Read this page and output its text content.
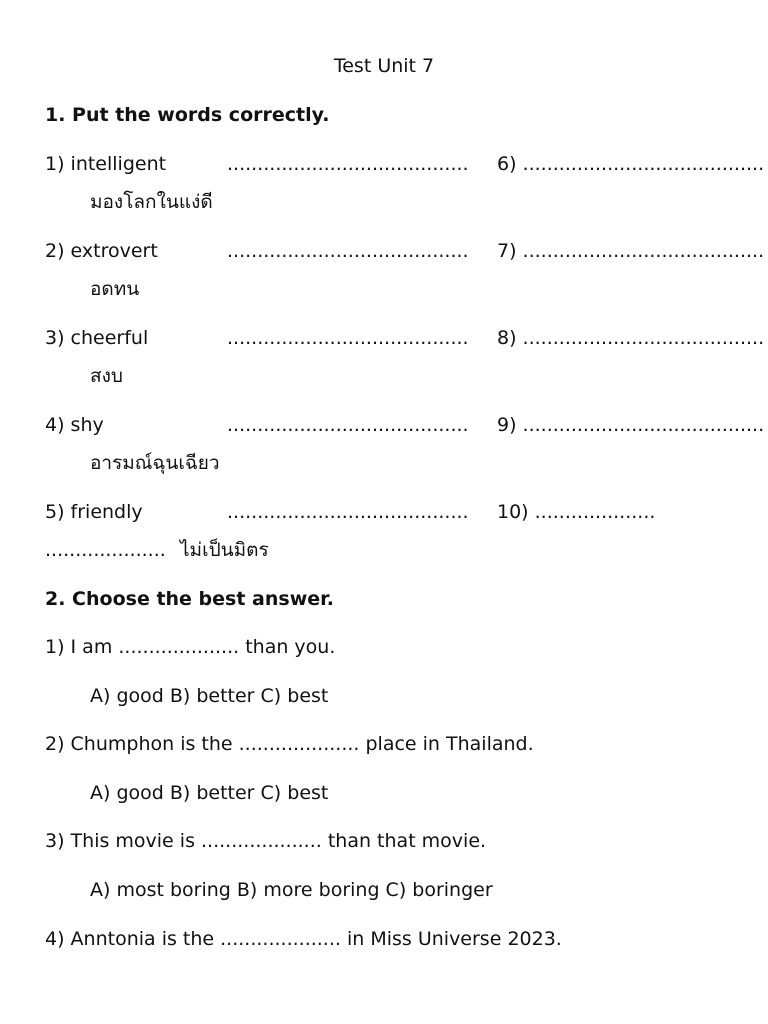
Test Unit 7
1. Put the words correctly.
1) intelligent	........................................ 6) ........................................
มองโลกในแง่ดี
2) extrovert	........................................ 7) ........................................
อดทน
3) cheerful	........................................ 8) ........................................
สงบ
4) shy	........................................ 9) ........................................
อารมณ์ฉุนเฉียว
5) friendly	........................................ 10) ....................
.................... ไม่เป็นมิตร
2. Choose the best answer.
1) I am .................... than you.
A) good B) better C) best
2) Chumphon is the .................... place in Thailand.
A) good B) better C) best
3) This movie is .................... than that movie.
A) most boring B) more boring C) boringer
4) Anntonia is the .................... in Miss Universe 2023.
